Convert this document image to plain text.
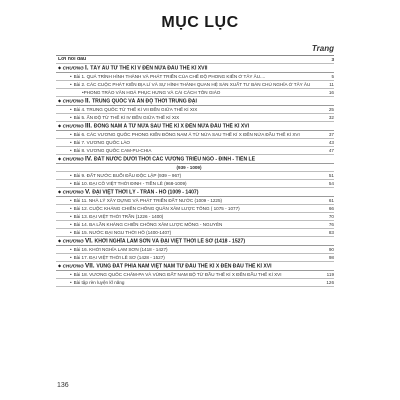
MỤC LỤC
Trang
Lời nói đầu	3
◆ CHƯƠNG I. TÂY ÂU TỪ THẾ KỈ V ĐẾN NỬA ĐẦU THẾ KỈ XVII
• Bài 1. QUÁ TRÌNH HÌNH THÀNH VÀ PHÁT TRIỂN CỦA CHẾ ĐỘ PHONG KIẾN Ở TÂY ÂU....	5
• Bài 2. CÁC CUỘC PHÁT KIẾN ĐỊA LÍ VÀ SỰ HÌNH THÀNH QUAN HỆ SẢN XUẤT TƯ BẢN CHỦ NGHĨA Ở TÂY ÂU	11
•PHONG TRÀO VĂN HOÁ PHỤC HƯNG VÀ CẢI CÁCH TÔN GIÁO	16
◆ CHƯƠNG II. TRUNG QUỐC VÀ ẤN ĐỘ THỜI TRUNG ĐẠI
• Bài 4. TRUNG QUỐC TỪ THẾ KỈ VII ĐẾN GIỮA THẾ KỈ XIX	25
• Bài 5. ẤN ĐỘ TỪ THẾ KỈ IV ĐẾN GIỮA THẾ KỈ XIX	32
◆ CHƯƠNG III. ĐÔNG NAM Á TỪ NỬA SAU THẾ KỈ X ĐẾN NỬA ĐẦU THẾ KỈ XVI
• Bài 6. CÁC VƯƠNG QUỐC PHONG KIẾN ĐÔNG NAM Á TỪ NỬA SAU THẾ KỈ X ĐẾN NỬA ĐẦU THẾ KỈ XVI	37
• Bài 7. VƯƠNG QUỐC LÀO	43
• Bài 8. VƯƠNG QUỐC CAM-PU-CHIA	47
◆ CHƯƠNG IV. ĐẤT NƯỚC DƯỚI THỜI CÁC VƯƠNG TRIỀU NGÔ - ĐINH - TIỀN LÊ
(939 - 1009)
• Bài 9. ĐẤT NƯỚC BUỔI ĐẦU ĐỘC LẬP (939 – 967)	51
• Bài 10. ĐẠI CỒ VIỆT THỜI ĐINH - TIỀN LÊ (968-1009)	54
◆ CHƯƠNG V. ĐẠI VIỆT THỜI LÝ - TRẦN - HỒ (1009 - 1407)
• Bài 11. NHÀ LÝ XÂY DỰNG VÀ PHÁT TRIỂN ĐẤT NƯỚC (1009 - 1225)	61
• Bài 12. CUỘC KHÁNG CHIẾN CHỐNG QUÂN XÂM LƯỢC TỐNG ( 1075 - 1077)	66
• Bài 13. ĐẠI VIỆT THỜI TRẦN (1226 - 1400)	70
• Bài 14. BA LẦN KHÁNG CHIẾN CHỐNG XÂM LƯỢC MÔNG - NGUYÊN	76
• Bài 15. NƯỚC ĐẠI NGU THỜI HỒ (1400-1407)	83
◆ CHƯƠNG VI. KHỞI NGHĨA LAM SƠN VÀ ĐẠI VIỆT THỜI LÊ SƠ (1418 - 1527)
• Bài 16. KHỞI NGHĨA LAM SƠN (1418 - 1427)	90
• Bài 17. ĐẠI VIỆT THỜI LÊ SƠ (1428 - 1527)	98
◆ CHƯƠNG VII. VÙNG ĐẤT PHÍA NAM VIỆT NAM TỪ ĐẦU THẾ KỈ X ĐẾN ĐẦU THẾ KỈ XVI
• Bài 18. VƯƠNG QUỐC CHĂM-PA VÀ VÙNG ĐẤT NAM BỘ TỪ ĐẦU THẾ KỈ X ĐẾN ĐẦU THẾ KỈ XVI	119
• Bài tập rèn luyện kĩ năng	126
136
